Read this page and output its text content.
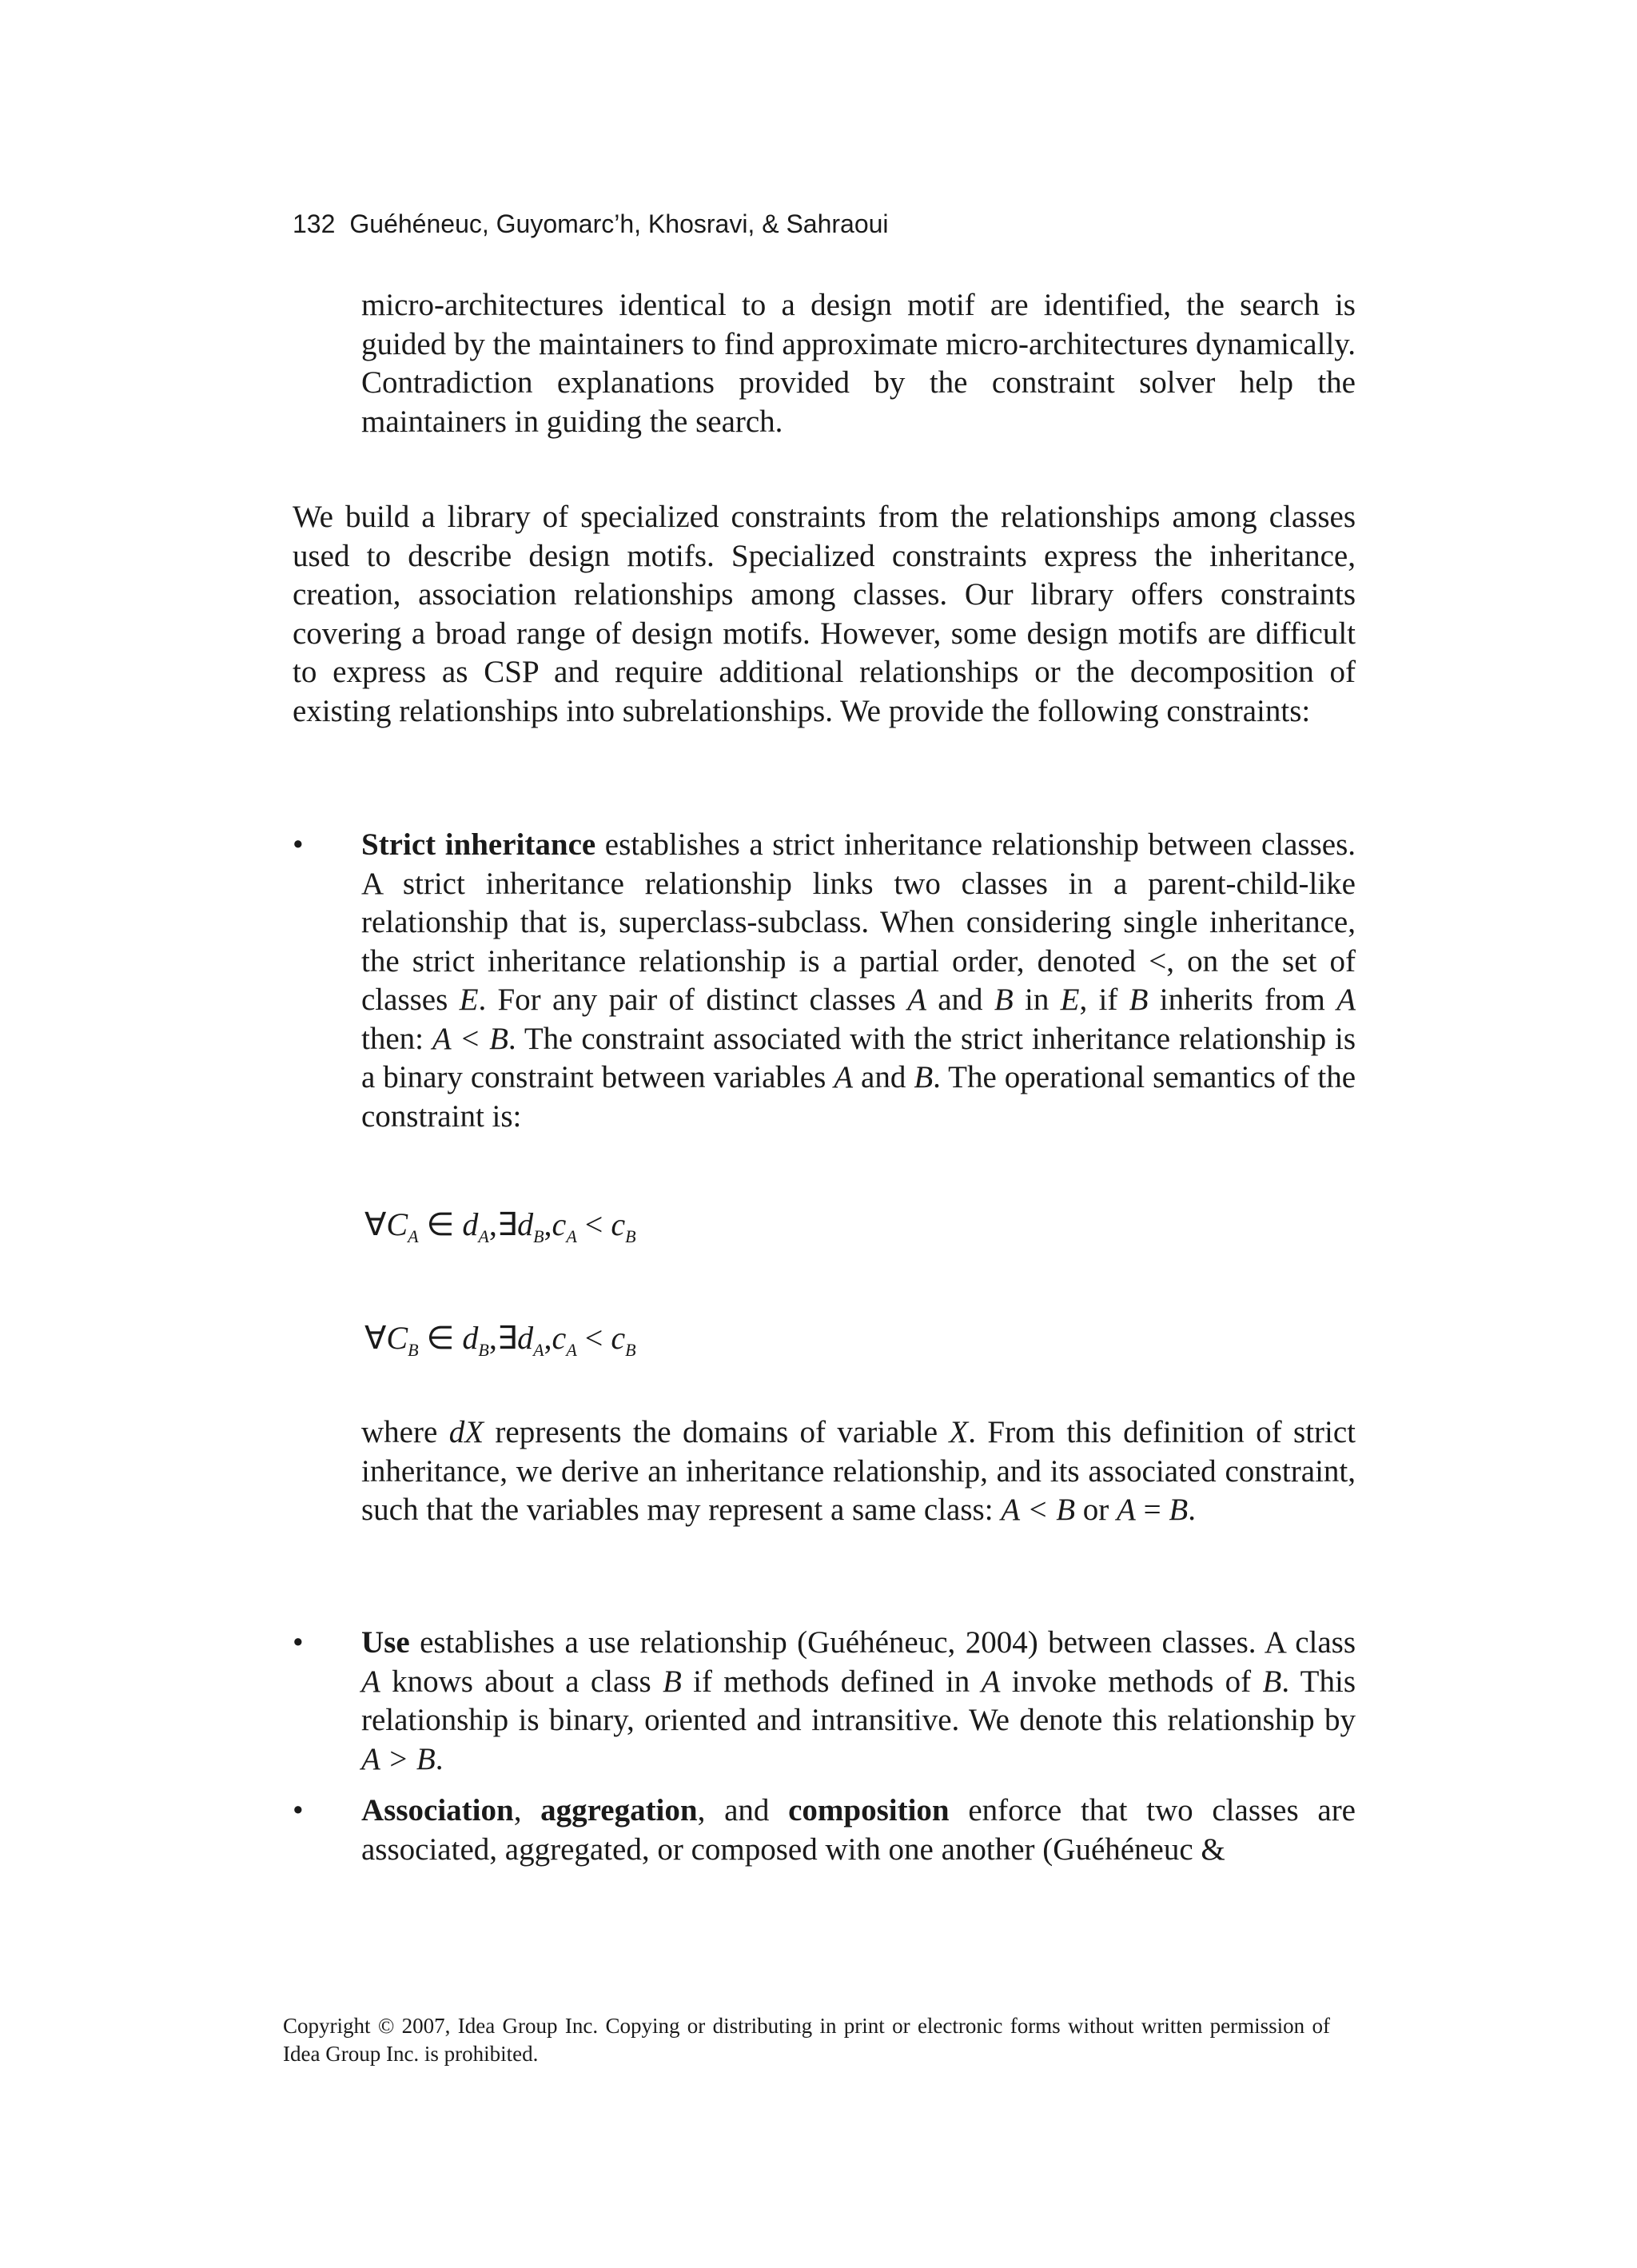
132 Guéhéneuc, Guyomarc’h, Khosravi, & Sahraoui
micro-architectures identical to a design motif are identified, the search is guided by the maintainers to find approximate micro-architectures dynamically. Contradiction explanations provided by the constraint solver help the maintainers in guiding the search.
We build a library of specialized constraints from the relationships among classes used to describe design motifs. Specialized constraints express the inheritance, creation, association relationships among classes. Our library offers constraints covering a broad range of design motifs. However, some design motifs are difficult to express as CSP and require additional relationships or the decomposition of existing relationships into subrelationships. We provide the following constraints:
• Strict inheritance establishes a strict inheritance relationship between classes. A strict inheritance relationship links two classes in a parent-child-like relationship that is, superclass-subclass. When considering single inheritance, the strict inheritance relationship is a partial order, denoted <, on the set of classes E. For any pair of distinct classes A and B in E, if B inherits from A then: A < B. The constraint associated with the strict inheritance relationship is a binary constraint between variables A and B. The operational semantics of the constraint is:
$\forall C_A$ ∈ $d_A,\exists d_B,c_A < c_B$
$\forall C_B$ ∈ $d_B,\exists d_A,c_A < c_B$
where dX represents the domains of variable X. From this definition of strict inheritance, we derive an inheritance relationship, and its associated constraint, such that the variables may represent a same class: A < B or A = B.
• Use establishes a use relationship (Guéhéneuc, 2004) between classes. A class A knows about a class B if methods defined in A invoke methods of B. This relationship is binary, oriented and intransitive. We denote this relationship by A > B.
• Association, aggregation, and composition enforce that two classes are associated, aggregated, or composed with one another (Guéhéneuc &
Copyright © 2007, Idea Group Inc. Copying or distributing in print or electronic forms without written permission of Idea Group Inc. is prohibited.
